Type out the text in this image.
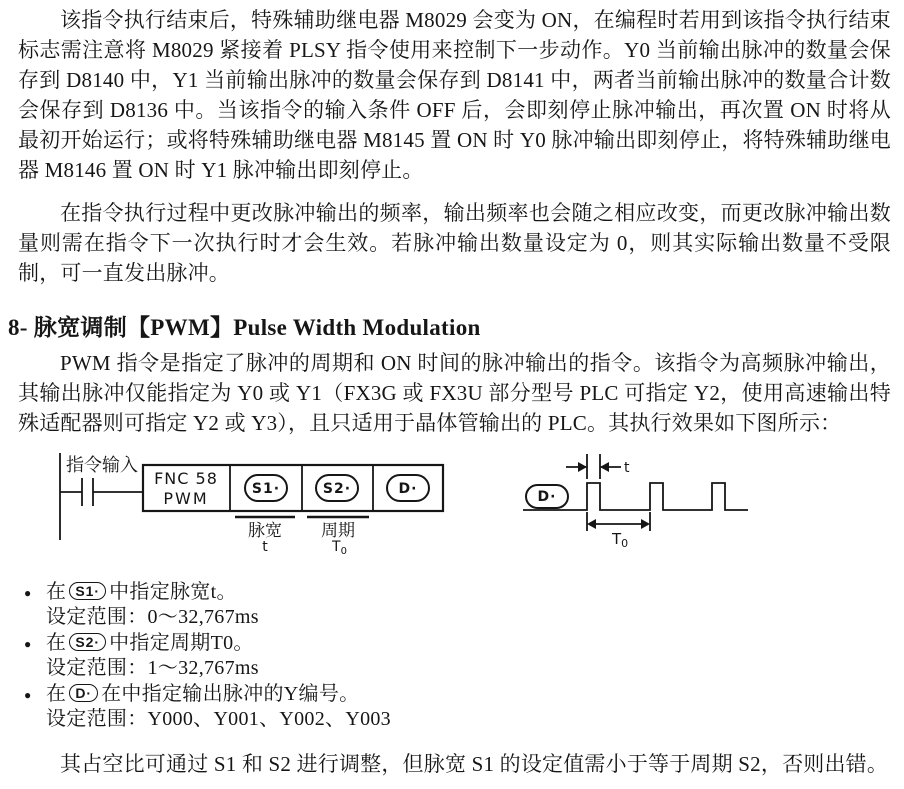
该指令执行结束后，特殊辅助继电器 M8029 会变为 ON，在编程时若用到该指令执行结束标志需注意将 M8029 紧接着 PLSY 指令使用来控制下一步动作。Y0 当前输出脉冲的数量会保存到 D8140 中，Y1 当前输出脉冲的数量会保存到 D8141 中，两者当前输出脉冲的数量合计数会保存到 D8136 中。当该指令的输入条件 OFF 后，会即刻停止脉冲输出，再次置 ON 时将从最初开始运行；或将特殊辅助继电器 M8145 置 ON 时 Y0 脉冲输出即刻停止，将特殊辅助继电器 M8146 置 ON 时 Y1 脉冲输出即刻停止。

在指令执行过程中更改脉冲输出的频率，输出频率也会随之相应改变，而更改脉冲输出数量则需在指令下一次执行时才会生效。若脉冲输出数量设定为 0，则其实际输出数量不受限制，可一直发出脉冲。

8- 脉宽调制【PWM】Pulse Width Modulation

PWM 指令是指定了脉冲的周期和 ON 时间的脉冲输出的指令。该指令为高频脉冲输出，其输出脉冲仅能指定为 Y0 或 Y1（FX3G 或 FX3U 部分型号 PLC 可指定 Y2，使用高速输出特殊适配器则可指定 Y2 或 Y3），且只适用于晶体管输出的 PLC。其执行效果如下图所示：

指令输入
FNC 58
PWM	S1·	S2·	D·
脉宽
t
周期
$T_0$
D·
t
$T_0$
● 在 S1· 中指定脉宽t。
设定范围：0～32,767ms
● 在 S2· 中指定周期T0。
设定范围：1～32,767ms
● 在 D· 在中指定输出脉冲的Y编号。
设定范围：Y000、Y001、Y002、Y003

其占空比可通过 S1 和 S2 进行调整，但脉宽 S1 的设定值需小于等于周期 S2，否则出错。
